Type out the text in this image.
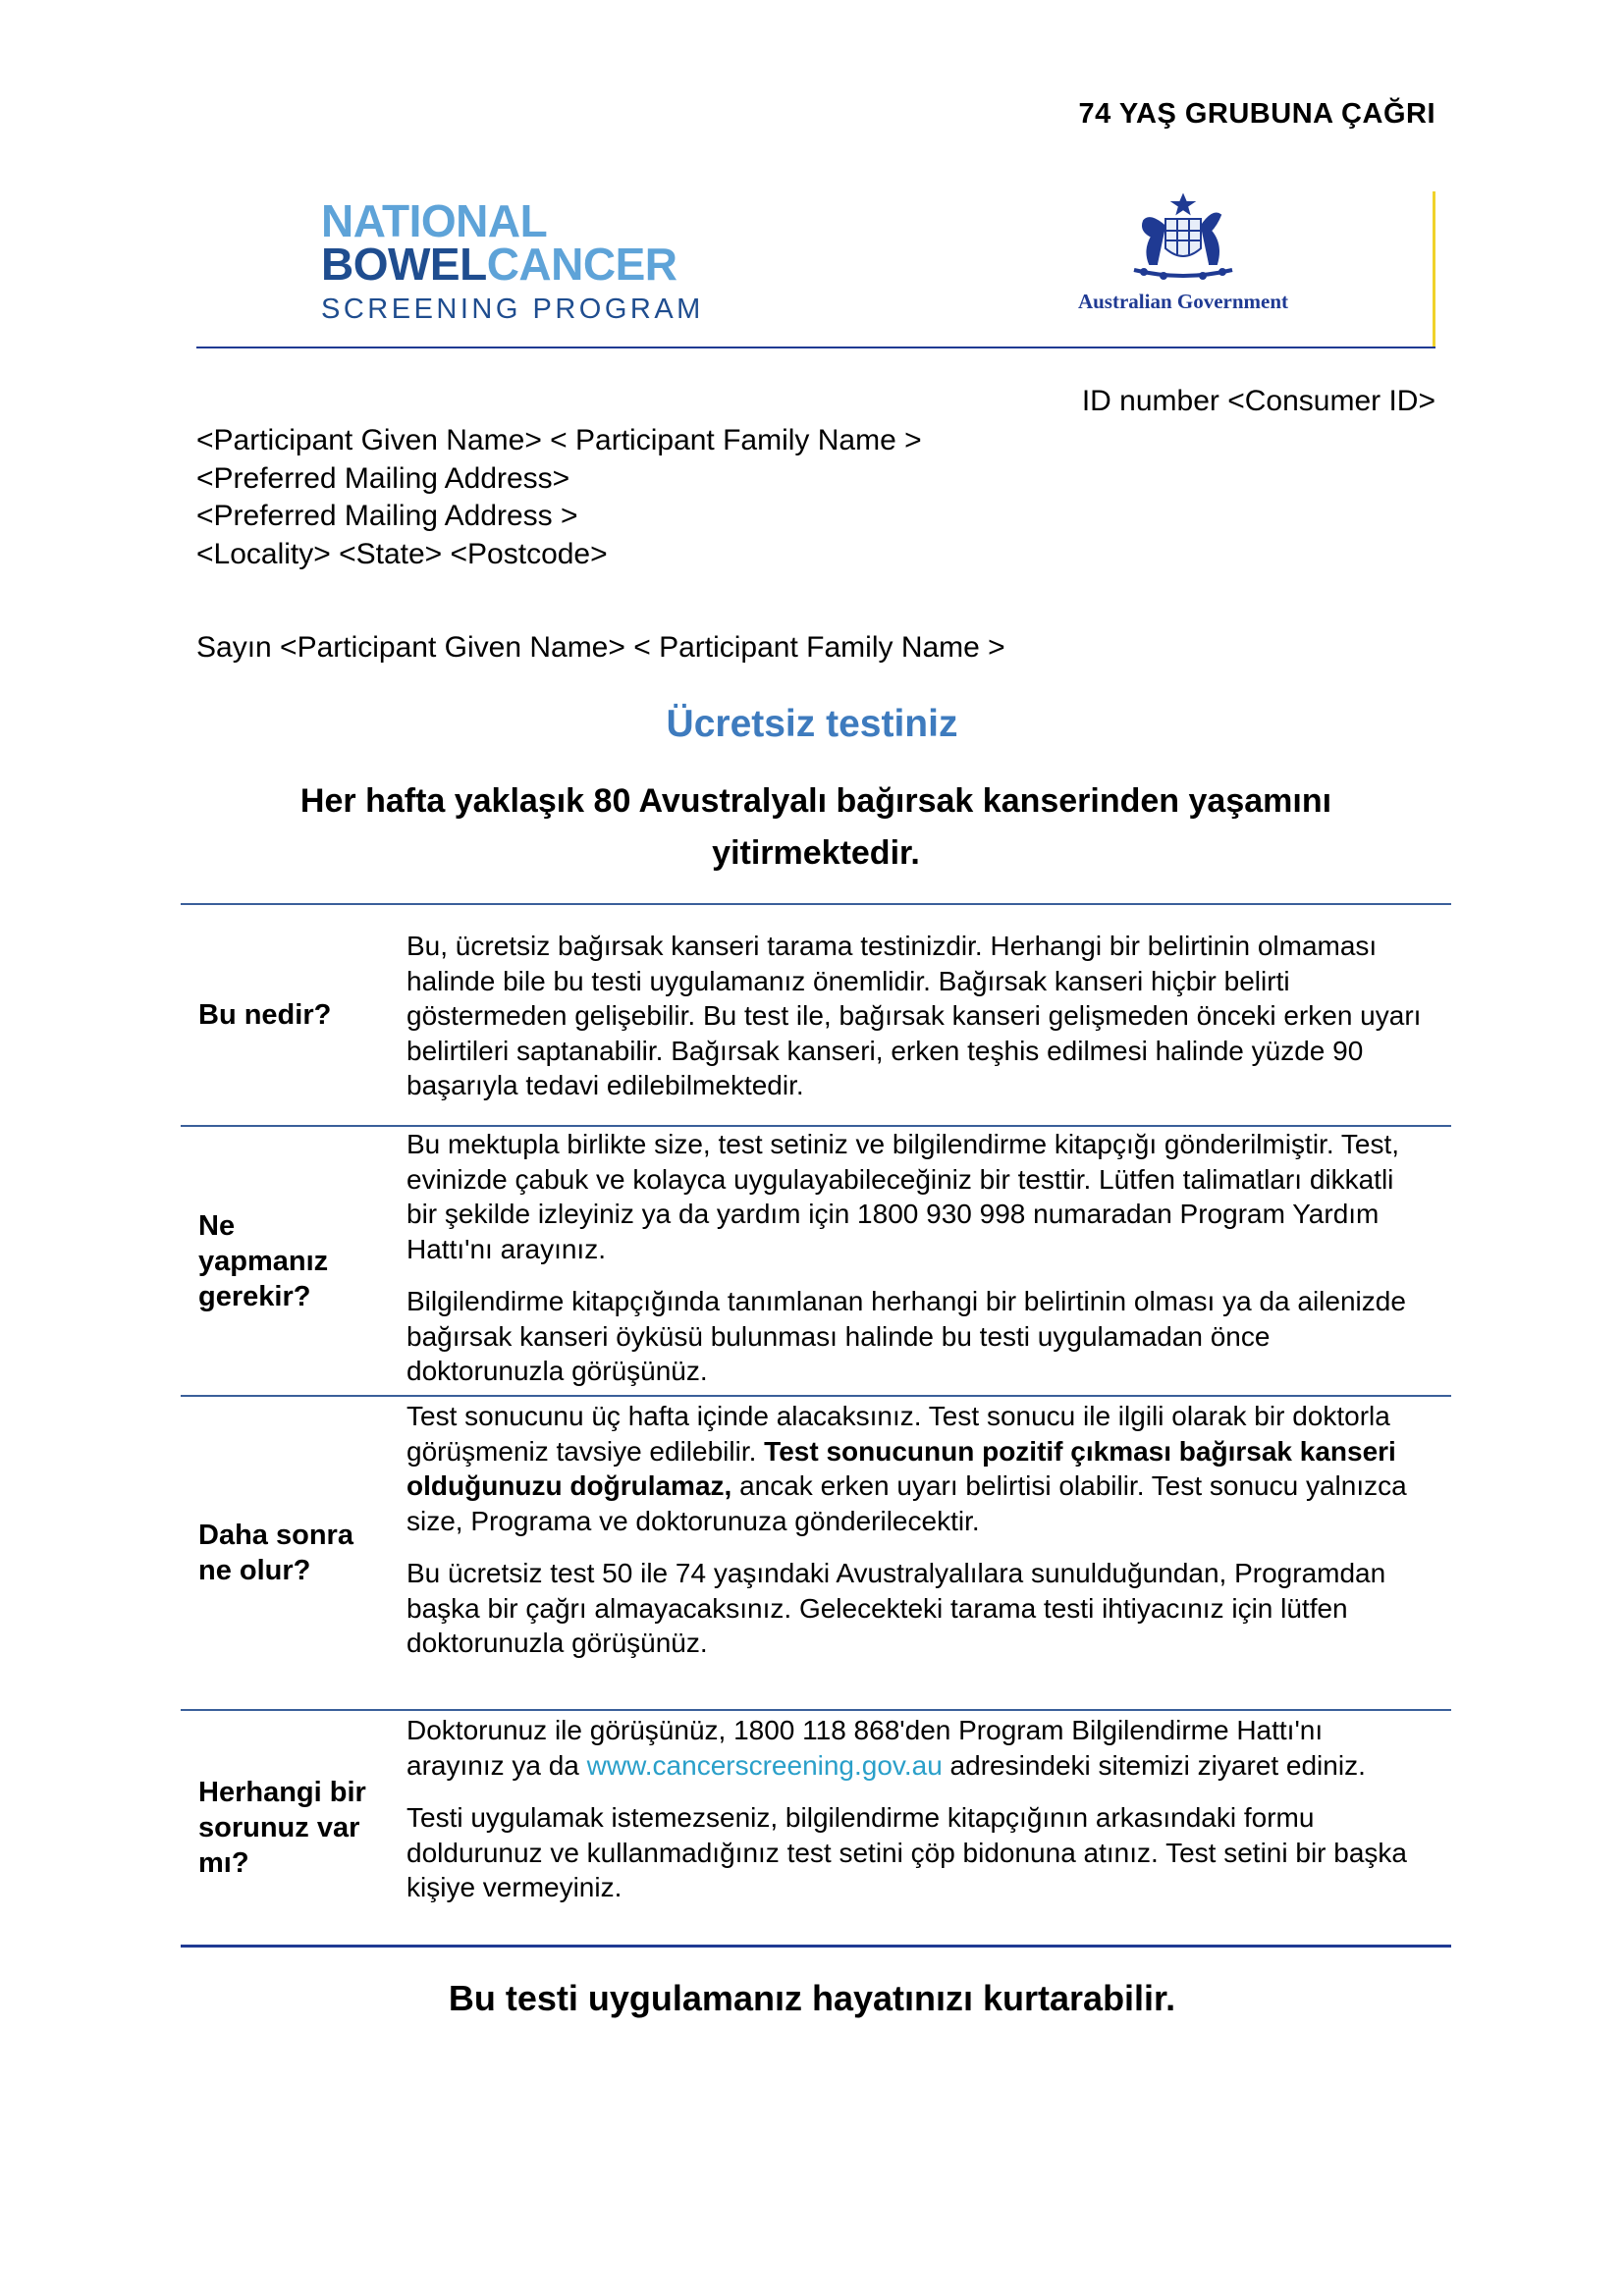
74 YAŞ GRUBUNA ÇAĞRI
NATIONAL
BOWELCANCER
SCREENING PROGRAM	Australian Government
ID number <Consumer ID>
<Participant Given Name> < Participant Family Name >
<Preferred Mailing Address>
<Preferred Mailing Address >
<Locality> <State> <Postcode>
Sayın <Participant Given Name> < Participant Family Name >
Ücretsiz testiniz
Her hafta yaklaşık 80 Avustralyalı bağırsak kanserinden yaşamını
yitirmektedir.
Bu nedir?

Bu, ücretsiz bağırsak kanseri tarama testinizdir. Herhangi bir belirtinin olmaması halinde bile bu testi uygulamanız önemlidir. Bağırsak kanseri hiçbir belirti göstermeden gelişebilir. Bu test ile, bağırsak kanseri gelişmeden önceki erken uyarı belirtileri saptanabilir. Bağırsak kanseri, erken teşhis edilmesi halinde yüzde 90 başarıyla tedavi edilebilmektedir.

Ne yapmanız gerekir?

Bu mektupla birlikte size, test setiniz ve bilgilendirme kitapçığı gönderilmiştir. Test, evinizde çabuk ve kolayca uygulayabileceğiniz bir testtir. Lütfen talimatları dikkatli bir şekilde izleyiniz ya da yardım için 1800 930 998 numaradan Program Yardım Hattı'nı arayınız.

Bilgilendirme kitapçığında tanımlanan herhangi bir belirtinin olması ya da ailenizde bağırsak kanseri öyküsü bulunması halinde bu testi uygulamadan önce doktorunuzla görüşünüz.

Daha sonra ne olur?

Test sonucunu üç hafta içinde alacaksınız. Test sonucu ile ilgili olarak bir doktorla görüşmeniz tavsiye edilebilir. Test sonucunun pozitif çıkması bağırsak kanseri olduğunuzu doğrulamaz, ancak erken uyarı belirtisi olabilir. Test sonucu yalnızca size, Programa ve doktorunuza gönderilecektir.

Bu ücretsiz test 50 ile 74 yaşındaki Avustralyalılara sunulduğundan, Programdan başka bir çağrı almayacaksınız. Gelecekteki tarama testi ihtiyacınız için lütfen doktorunuzla görüşünüz.

Herhangi bir sorunuz var mı?

Doktorunuz ile görüşünüz, 1800 118 868'den Program Bilgilendirme Hattı'nı arayınız ya da www.cancerscreening.gov.au adresindeki sitemizi ziyaret ediniz.

Testi uygulamak istemezseniz, bilgilendirme kitapçığının arkasındaki formu doldurunuz ve kullanmadığınız test setini çöp bidonuna atınız. Test setini bir başka kişiye vermeyiniz.

Bu testi uygulamanız hayatınızı kurtarabilir.
